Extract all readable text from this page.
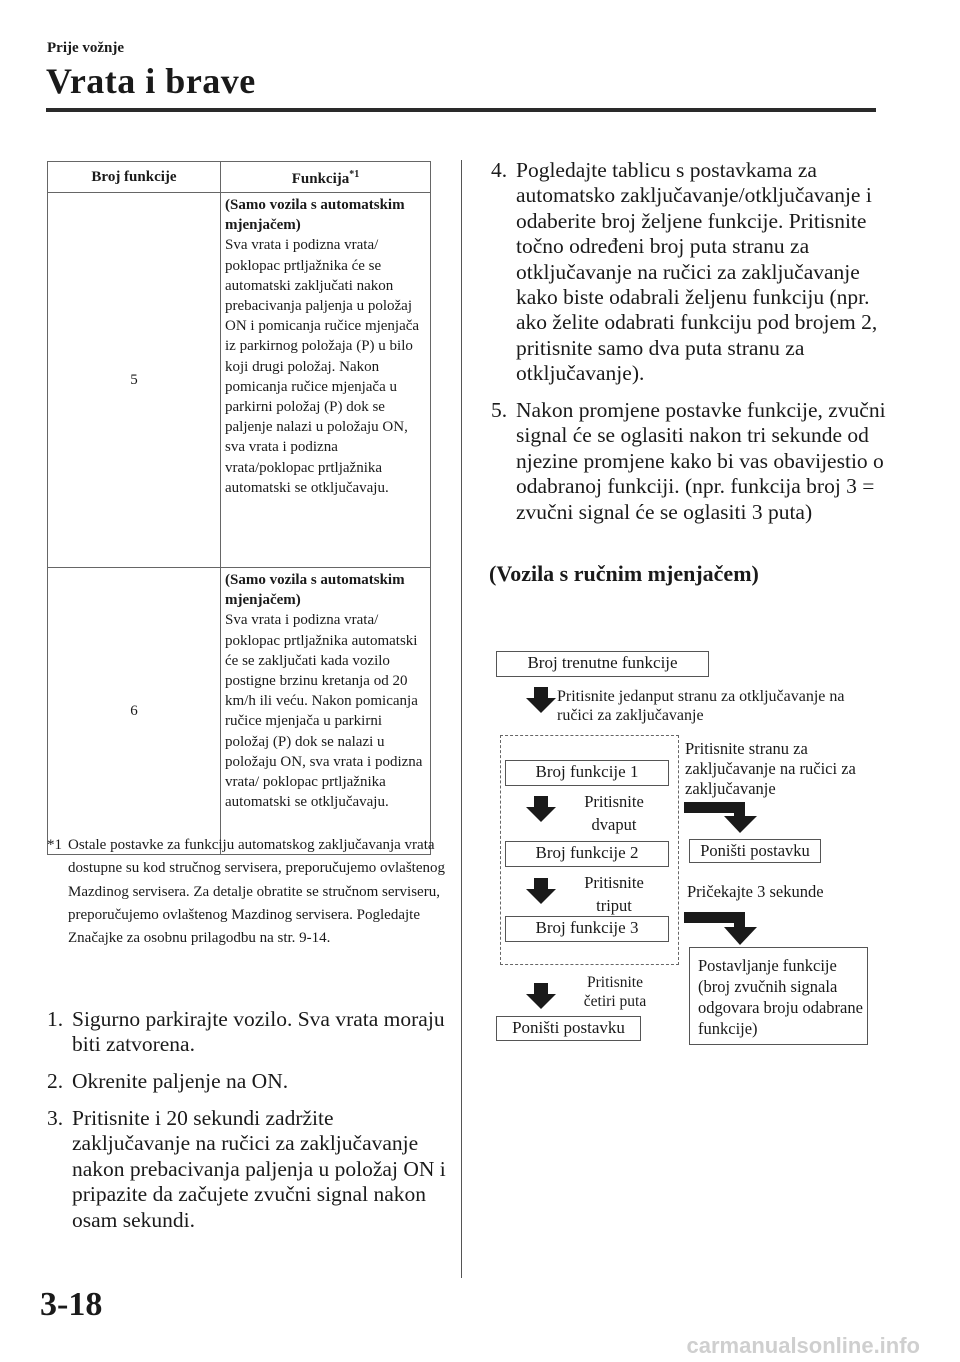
Prije vožnje
Vrata i brave
Broj funkcije	Funkcija$^{*1}$
5	(Samo vozila s automatskim mjenjačem)
Sva vrata i podizna vrata/ poklopac prtljažnika će se automatski zaključati nakon prebacivanja paljenja u položaj ON i pomicanja ručice mjenjača iz parkirnog položaja (P) u bilo koji drugi položaj. Nakon pomicanja ručice mjenjača u parkirni položaj (P) dok se paljenje nalazi u položaju ON, sva vrata i podizna vrata/poklopac prtljažnika automatski se otključavaju.
6	(Samo vozila s automatskim mjenjačem)
Sva vrata i podizna vrata/ poklopac prtljažnika automatski će se zaključati kada vozilo postigne brzinu kretanja od 20 km/h ili veću. Nakon pomicanja ručice mjenjača u parkirni položaj (P) dok se nalazi u položaju ON, sva vrata i podizna vrata/ poklopac prtljažnika automatski se otključavaju.
*1 Ostale postavke za funkciju automatskog zaključavanja vrata dostupne su kod stručnog servisera, preporučujemo ovlaštenog Mazdinog servisera. Za detalje obratite se stručnom serviseru, preporučujemo ovlaštenog Mazdinog servisera. Pogledajte Značajke za osobnu prilagodbu na str. 9-14.
1. Sigurno parkirajte vozilo. Sva vrata moraju biti zatvorena.
2. Okrenite paljenje na ON.
3. Pritisnite i 20 sekundi zadržite zaključavanje na ručici za zaključavanje nakon prebacivanja paljenja u položaj ON i pripazite da začujete zvučni signal nakon osam sekundi.
4. Pogledajte tablicu s postavkama za automatsko zaključavanje/otključavanje i odaberite broj željene funkcije. Pritisnite točno određeni broj puta stranu za otključavanje na ručici za zaključavanje kako biste odabrali željenu funkciju (npr. ako želite odabrati funkciju pod brojem 2, pritisnite samo dva puta stranu za otključavanje).
5. Nakon promjene postavke funkcije, zvučni signal će se oglasiti nakon tri sekunde od njezine promjene kako bi vas obavijestio o odabranoj funkciji. (npr. funkcija broj 3 = zvučni signal će se oglasiti 3 puta)
(Vozila s ručnim mjenjačem)
Broj trenutne funkcije
Pritisnite jedanput stranu za otključavanje na ručici za zaključavanje
Broj funkcije 1
Pritisnite dvaput
Broj funkcije 2
Pritisnite triput
Broj funkcije 3
Pritisnite četiri puta
Poništi postavku
Pritisnite stranu za zaključavanje na ručici za zaključavanje
Poništi postavku
Pričekajte 3 sekunde
Postavljanje funkcije (broj zvučnih signala odgovara broju odabrane funkcije)
3-18
carmanualsonline.info
